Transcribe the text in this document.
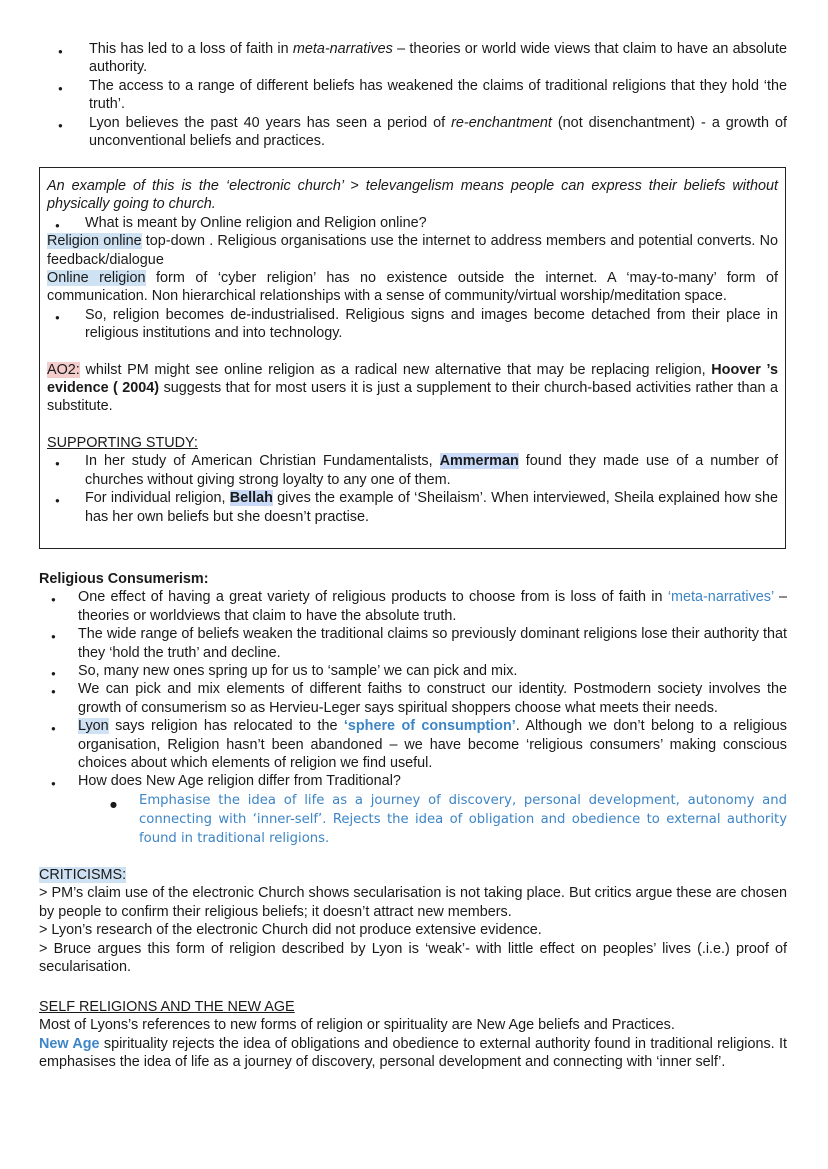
● This has led to a loss of faith in meta-narratives – theories or world wide views that claim to have an absolute authority.
● The access to a range of different beliefs has weakened the claims of traditional religions that they hold ‘the truth’.
● Lyon believes the past 40 years has seen a period of re-enchantment (not disenchantment) - a growth of unconventional beliefs and practices.

An example of this is the ‘electronic church’ > televangelism means people can express their beliefs without physically going to church.

● What is meant by Online religion and Religion online?

Religion online top-down . Religious organisations use the internet to address members and potential converts. No feedback/dialogue

Online religion form of ‘cyber religion’ has no existence outside the internet. A ‘may-to-many’ form of communication. Non hierarchical relationships with a sense of community/virtual worship/meditation space.

● So, religion becomes de-industrialised. Religious signs and images become detached from their place in religious institutions and into technology.

AO2: whilst PM might see online religion as a radical new alternative that may be replacing religion, Hoover ’s evidence ( 2004) suggests that for most users it is just a supplement to their church-based activities rather than a substitute.

SUPPORTING STUDY:

● In her study of American Christian Fundamentalists, Ammerman found they made use of a number of churches without giving strong loyalty to any one of them.
● For individual religion, Bellah gives the example of ‘Sheilaism’. When interviewed, Sheila explained how she has her own beliefs but she doesn’t practise.

Religious Consumerism:

● One effect of having a great variety of religious products to choose from is loss of faith in ‘meta-narratives’ – theories or worldviews that claim to have the absolute truth.
● The wide range of beliefs weaken the traditional claims so previously dominant religions lose their authority that they ‘hold the truth’ and decline.
● So, many new ones spring up for us to ‘sample’ we can pick and mix.
● We can pick and mix elements of different faiths to construct our identity. Postmodern society involves the growth of consumerism so as Hervieu-Leger says spiritual shoppers choose what meets their needs.
● Lyon says religion has relocated to the ‘sphere of consumption’. Although we don’t belong to a religious organisation, Religion hasn’t been abandoned – we have become ‘religious consumers’ making conscious choices about which elements of religion we find useful.
● How does New Age religion differ from Traditional?
● Emphasise the idea of life as a journey of discovery, personal development, autonomy and connecting with ‘inner-self’. Rejects the idea of obligation and obedience to external authority found in traditional religions.

CRITICISMS:

> PM’s claim use of the electronic Church shows secularisation is not taking place. But critics argue these are chosen by people to confirm their religious beliefs; it doesn’t attract new members.

> Lyon’s research of the electronic Church did not produce extensive evidence.

> Bruce argues this form of religion described by Lyon is ‘weak’- with little effect on peoples’ lives (.i.e.) proof of secularisation.

SELF RELIGIONS AND THE NEW AGE

Most of Lyons’s references to new forms of religion or spirituality are New Age beliefs and Practices.

New Age spirituality rejects the idea of obligations and obedience to external authority found in traditional religions. It emphasises the idea of life as a journey of discovery, personal development and connecting with ‘inner self’.
